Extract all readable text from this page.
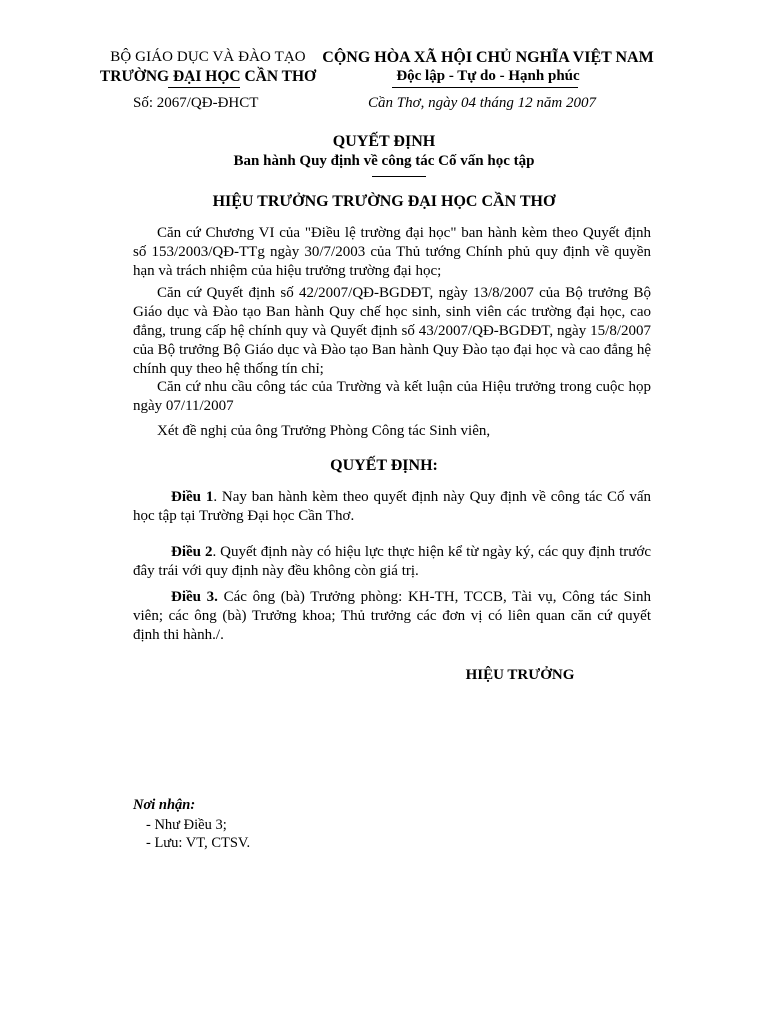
BỘ GIÁO DỤC VÀ ĐÀO TẠO
TRƯỜNG ĐẠI HỌC CẦN THƠ
CỘNG HÒA XÃ HỘI CHỦ NGHĨA VIỆT NAM
Độc lập - Tự do - Hạnh phúc
Số: 2067/QĐ-ĐHCT	Cần Thơ, ngày 04 tháng 12 năm 2007
QUYẾT ĐỊNH
Ban hành Quy định về công tác Cố vấn học tập
HIỆU TRƯỞNG TRƯỜNG ĐẠI HỌC CẦN THƠ
Căn cứ Chương VI của "Điều lệ trường đại học" ban hành kèm theo Quyết định số 153/2003/QĐ-TTg ngày 30/7/2003 của Thủ tướng Chính phủ quy định về quyền hạn và trách nhiệm của hiệu trưởng trường đại học;
Căn cứ Quyết định số 42/2007/QĐ-BGDĐT, ngày 13/8/2007 của Bộ trưởng Bộ Giáo dục và Đào tạo Ban hành Quy chế học sinh, sinh viên các trường đại học, cao đẳng, trung cấp hệ chính quy và Quyết định số 43/2007/QĐ-BGDĐT, ngày 15/8/2007 của Bộ trưởng Bộ Giáo dục và Đào tạo Ban hành Quy Đào tạo đại học và cao đẳng hệ chính quy theo hệ thống tín chỉ;
Căn cứ nhu cầu công tác của Trường và kết luận của Hiệu trưởng trong cuộc họp ngày 07/11/2007
Xét đề nghị của ông Trưởng Phòng Công tác Sinh viên,
QUYẾT ĐỊNH:
Điều 1. Nay ban hành kèm theo quyết định này Quy định về công tác Cố vấn học tập tại Trường Đại học Cần Thơ.
Điều 2. Quyết định này có hiệu lực thực hiện kể từ ngày ký, các quy định trước đây trái với quy định này đều không còn giá trị.
Điều 3. Các ông (bà) Trưởng phòng: KH-TH, TCCB, Tài vụ, Công tác Sinh viên; các ông (bà) Trưởng khoa; Thủ trưởng các đơn vị có liên quan căn cứ quyết định thi hành./.
HIỆU TRƯỞNG
Nơi nhận:
- Như Điều 3;
- Lưu: VT, CTSV.
